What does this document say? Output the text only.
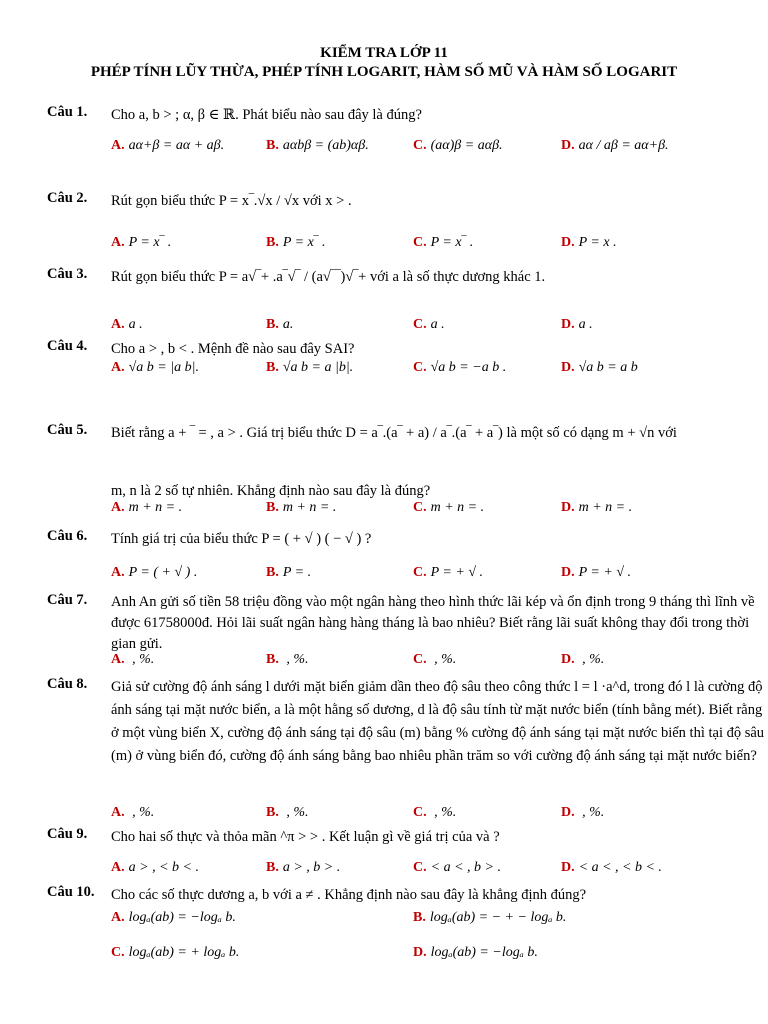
KIỂM TRA LỚP 11
PHÉP TÍNH LŨY THỪA, PHÉP TÍNH LOGARIT, HÀM SỐ MŨ VÀ HÀM SỐ LOGARIT
Câu 1.	Cho a, b > ; α, β ∈ ℝ. Phát biểu nào sau đây là đúng?
A. aα+β = aα + aβ.	B. aαbβ = (ab)αβ.	C. (aα)β = aαβ.	D. aα / aβ = aα+β.
Câu 2.	Rút gọn biểu thức P = x‾.√x / √x với x > .
A. P = x‾ .	B. P = x‾ .	C. P = x‾ .	D. P = x .
Câu 3.	Rút gọn biểu thức P = a√‾+ .a‾√‾ / (a√‾‾)√‾+ với a là số thực dương khác 1.
A. a .	B. a.	C. a .	D. a .
Câu 4.	Cho a > , b < . Mệnh đề nào sau đây SAI?
A. √a b = |a b|.	B. √a b = a |b|.	C. √a b = −a b .	D. √a b = a b
Câu 5.	Biết rằng a + ‾ = , a > . Giá trị biểu thức D = a‾.(a‾ + a) / a‾.(a‾ + a‾) là một số có dạng m + √n với
m, n là 2 số tự nhiên. Khẳng định nào sau đây là đúng?
A. m + n = .	B. m + n = .	C. m + n = .	D. m + n = .
Câu 6.	Tính giá trị của biểu thức P = ( + √ ) ( − √ ) ?
A. P = ( + √ ) .	B. P = .	C. P = + √ .	D. P = + √ .
Câu 7.	Anh An gửi số tiền 58 triệu đồng vào một ngân hàng theo hình thức lãi kép và ổn định trong 9 tháng thì lĩnh về được 61758000đ. Hỏi lãi suất ngân hàng hàng tháng là bao nhiêu? Biết rằng lãi suất không thay đổi trong thời gian gửi.
A. , %.	B. , %.	C. , %.	D. , %.
Câu 8.	Giả sử cường độ ánh sáng l dưới mặt biển giảm dần theo độ sâu theo công thức l = l ·a^d, trong đó l là cường độ ánh sáng tại mặt nước biển, a là một hằng số dương, d là độ sâu tính từ mặt nước biển (tính bằng mét). Biết rằng ở một vùng biển X, cường độ ánh sáng tại độ sâu (m) bằng % cường độ ánh sáng tại mặt nước biển thì tại độ sâu (m) ở vùng biển đó, cường độ ánh sáng bằng bao nhiêu phần trăm so với cường độ ánh sáng tại mặt nước biển?
A. , %.	B. , %.	C. , %.	D. , %.
Câu 9.	Cho hai số thực và thỏa mãn ^π > > . Kết luận gì về giá trị của và ?
A. a > , < b < .	B. a > , b > .	C. < a < , b > .	D. < a < , < b < .
Câu 10.	Cho các số thực dương a, b với a ≠ . Khẳng định nào sau đây là khẳng định đúng?
A. logₐ(ab) = −logₐ b.	B. logₐ(ab) = − + − logₐ b.
C. logₐ(ab) = + logₐ b.	D. logₐ(ab) = −logₐ b.
